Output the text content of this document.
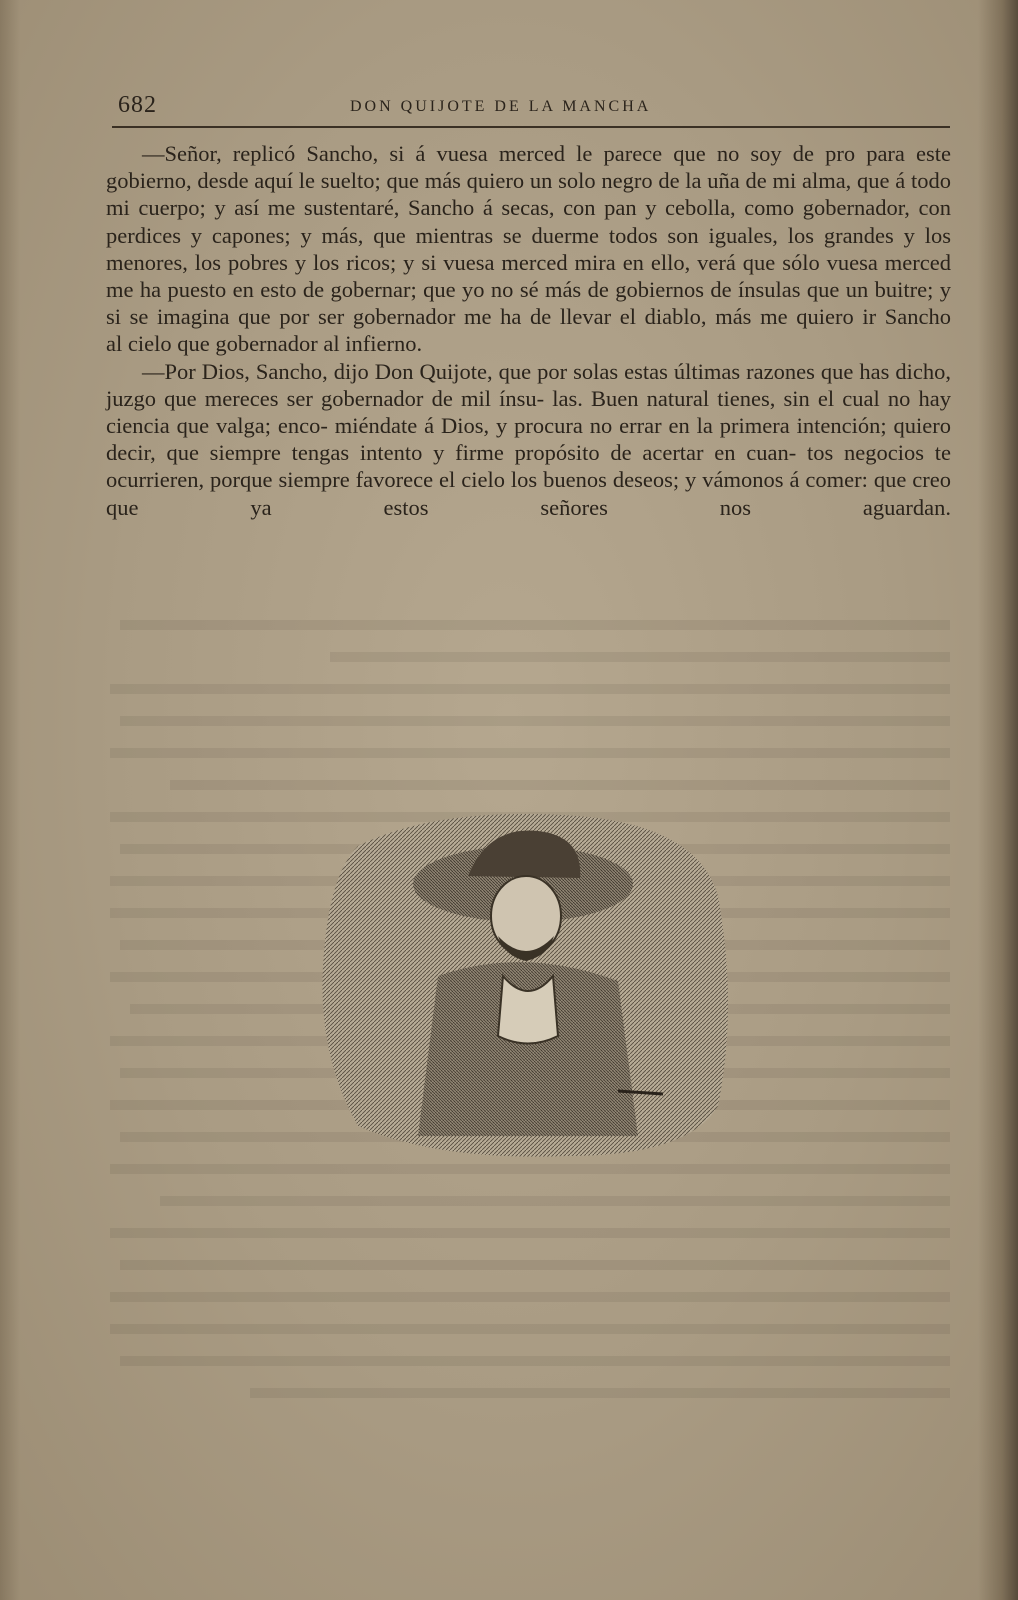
682	DON QUIJOTE DE LA MANCHA

—Señor, replicó Sancho, si á vuesa merced le parece que no soy de pro para este gobierno, desde aquí le suelto; que más quiero un solo negro de la uña de mi alma, que á todo mi cuerpo; y así me sustentaré, Sancho á secas, con pan y cebolla, como gobernador, con perdices y capones; y más, que mientras se duerme todos son iguales, los grandes y los menores, los pobres y los ricos; y si vuesa merced mira en ello, verá que sólo vuesa merced me ha puesto en esto de gobernar; que yo no sé más de gobiernos de ínsulas que un buitre; y si se imagina que por ser gobernador me ha de llevar el diablo, más me quiero ir Sancho

al cielo que gobernador al infierno.

—Por Dios, Sancho, dijo Don Quijote, que por solas estas últimas razones que has dicho, juzgo que mereces ser gobernador de mil ínsu- las. Buen natural tienes, sin el cual no hay ciencia que valga; enco- miéndate á Dios, y procura no errar en la primera intención; quiero decir, que siempre tengas intento y firme propósito de acertar en cuan- tos negocios te ocurrieren, porque siempre favorece el cielo los buenos deseos; y vámonos á comer: que creo que ya estos señores nos aguardan.
